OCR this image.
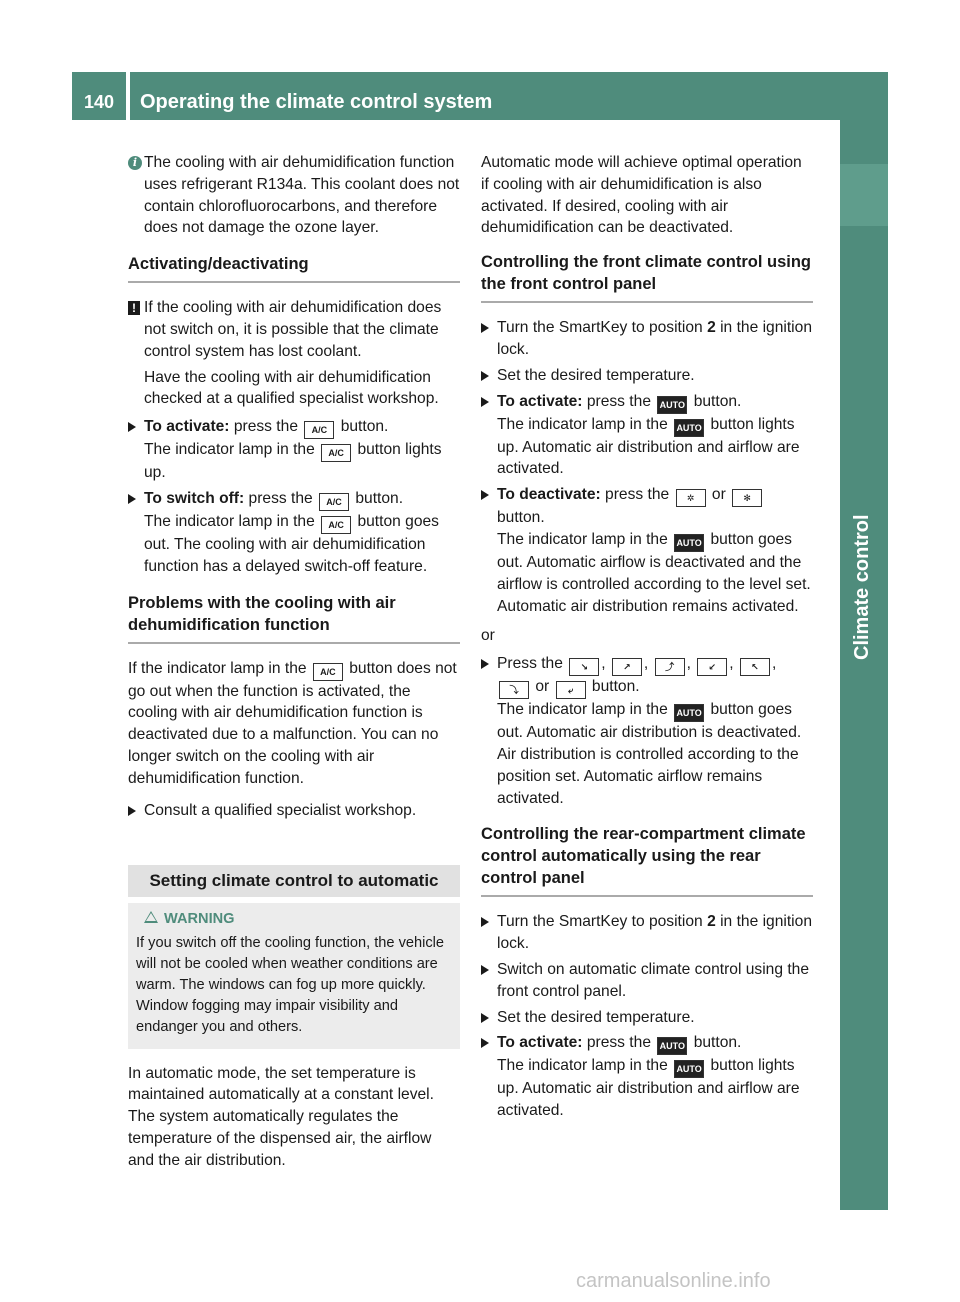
140	Operating the climate control system
Climate control
i The cooling with air dehumidification function uses refrigerant R134a. This coolant does not contain chlorofluorocarbons, and therefore does not damage the ozone layer.
Activating/deactivating
! If the cooling with air dehumidification does not switch on, it is possible that the climate control system has lost coolant.
Have the cooling with air dehumidification checked at a qualified specialist workshop.
To activate: press the A/C button.
The indicator lamp in the A/C button lights up.
To switch off: press the A/C button.
The indicator lamp in the A/C button goes out. The cooling with air dehumidification function has a delayed switch-off feature.
Problems with the cooling with air dehumidification function

If the indicator lamp in the A/C button does not go out when the function is activated, the cooling with air dehumidification function is deactivated due to a malfunction. You can no longer switch on the cooling with air dehumidification function.

Consult a qualified specialist workshop.
Setting climate control to automatic
WARNING
If you switch off the cooling function, the vehicle will not be cooled when weather conditions are warm. The windows can fog up more quickly. Window fogging may impair visibility and endanger you and others.

In automatic mode, the set temperature is maintained automatically at a constant level. The system automatically regulates the temperature of the dispensed air, the airflow and the air distribution.

Automatic mode will achieve optimal operation if cooling with air dehumidification is also activated. If desired, cooling with air dehumidification can be deactivated.

Controlling the front climate control using the front control panel
Turn the SmartKey to position 2 in the ignition lock.
Set the desired temperature.
To activate: press the AUTO button.
The indicator lamp in the AUTO button lights up. Automatic air distribution and airflow are activated.
To deactivate: press the ✲ or ✻
button.
The indicator lamp in the AUTO button goes out. Automatic airflow is deactivated and the airflow is controlled according to the level set. Automatic air distribution remains activated.
or
Press the ↘ , ↗ , ⤴ , ↙ , ↖ ,
⤵ or ⤶ button.
The indicator lamp in the AUTO button goes out. Automatic air distribution is deactivated. Air distribution is controlled according to the position set. Automatic airflow remains activated.
Controlling the rear-compartment climate control automatically using the rear control panel
Turn the SmartKey to position 2 in the ignition lock.
Switch on automatic climate control using the front control panel.
Set the desired temperature.
To activate: press the AUTO button.
The indicator lamp in the AUTO button lights up. Automatic air distribution and airflow are activated.
carmanualsonline.info
